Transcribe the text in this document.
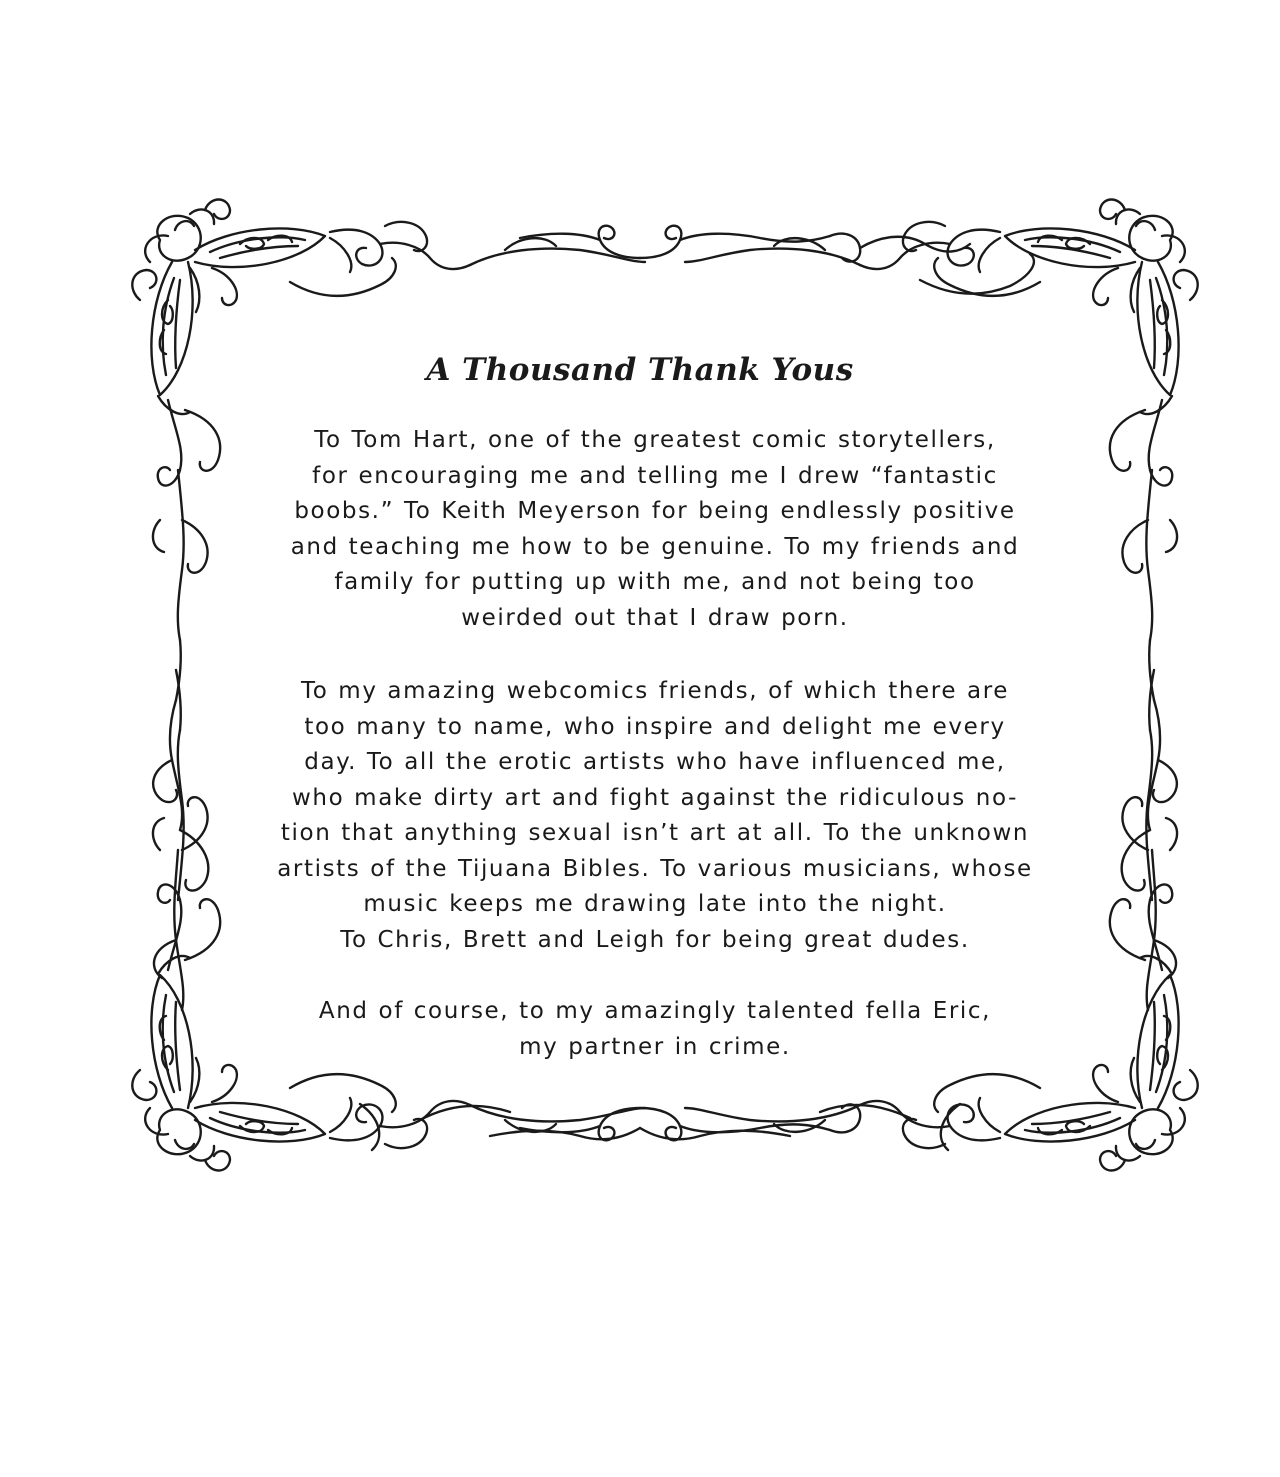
A Thousand Thank Yous

To Tom Hart, one of the greatest comic storytellers,
for encouraging me and telling me I drew “fantastic
boobs.” To Keith Meyerson for being endlessly positive
and teaching me how to be genuine. To my friends and
family for putting up with me, and not being too
weirded out that I draw porn.

To my amazing webcomics friends, of which there are
too many to name, who inspire and delight me every
day. To all the erotic artists who have influenced me,
who make dirty art and fight against the ridiculous no-
tion that anything sexual isn’t art at all. To the unknown
artists of the Tijuana Bibles. To various musicians, whose
music keeps me drawing late into the night.
To Chris, Brett and Leigh for being great dudes.

And of course, to my amazingly talented fella Eric,
my partner in crime.
